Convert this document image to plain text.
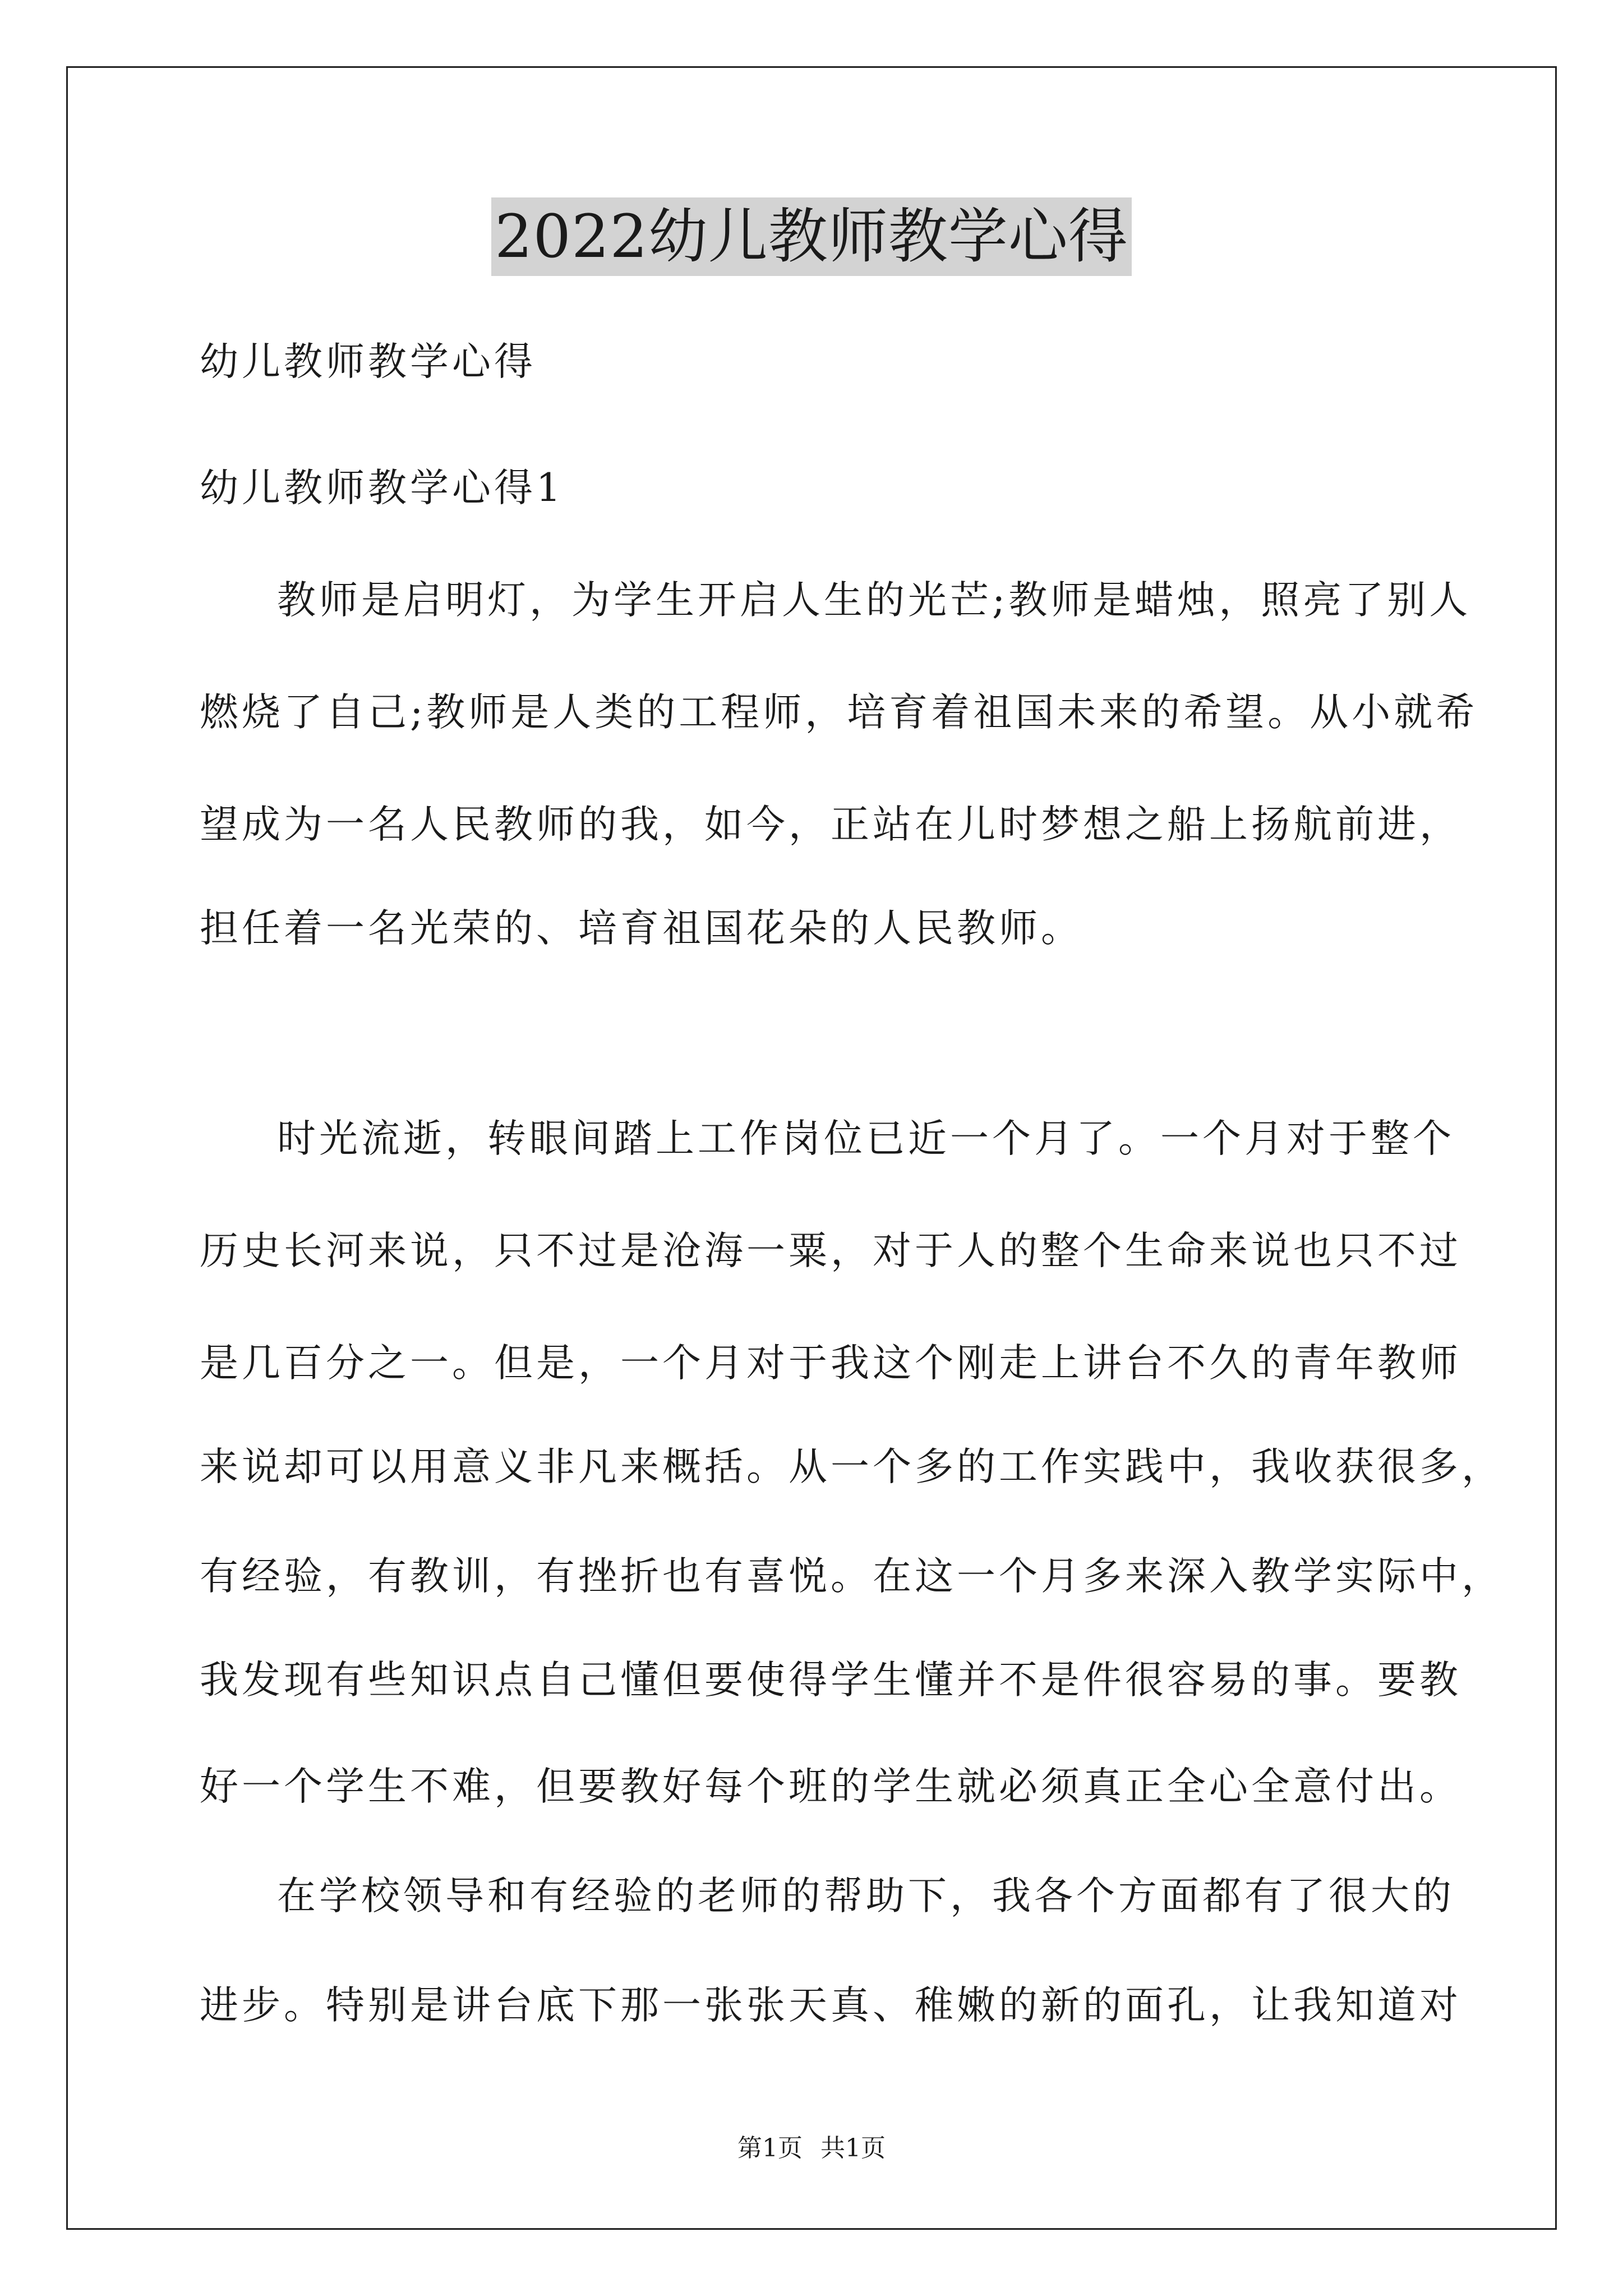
2022幼儿教师教学心得
幼儿教师教学心得
幼儿教师教学心得1
教师是启明灯，为学生开启人生的光芒;教师是蜡烛，照亮了别人
燃烧了自己;教师是人类的工程师，培育着祖国未来的希望。从小就希
望成为一名人民教师的我，如今，正站在儿时梦想之船上扬航前进，
担任着一名光荣的、培育祖国花朵的人民教师。
时光流逝，转眼间踏上工作岗位已近一个月了。一个月对于整个
历史长河来说，只不过是沧海一粟，对于人的整个生命来说也只不过
是几百分之一。但是，一个月对于我这个刚走上讲台不久的青年教师
来说却可以用意义非凡来概括。从一个多的工作实践中，我收获很多，
有经验，有教训，有挫折也有喜悦。在这一个月多来深入教学实际中，
我发现有些知识点自己懂但要使得学生懂并不是件很容易的事。要教
好一个学生不难，但要教好每个班的学生就必须真正全心全意付出。
在学校领导和有经验的老师的帮助下，我各个方面都有了很大的
进步。特别是讲台底下那一张张天真、稚嫩的新的面孔，让我知道对
第1页 共1页
